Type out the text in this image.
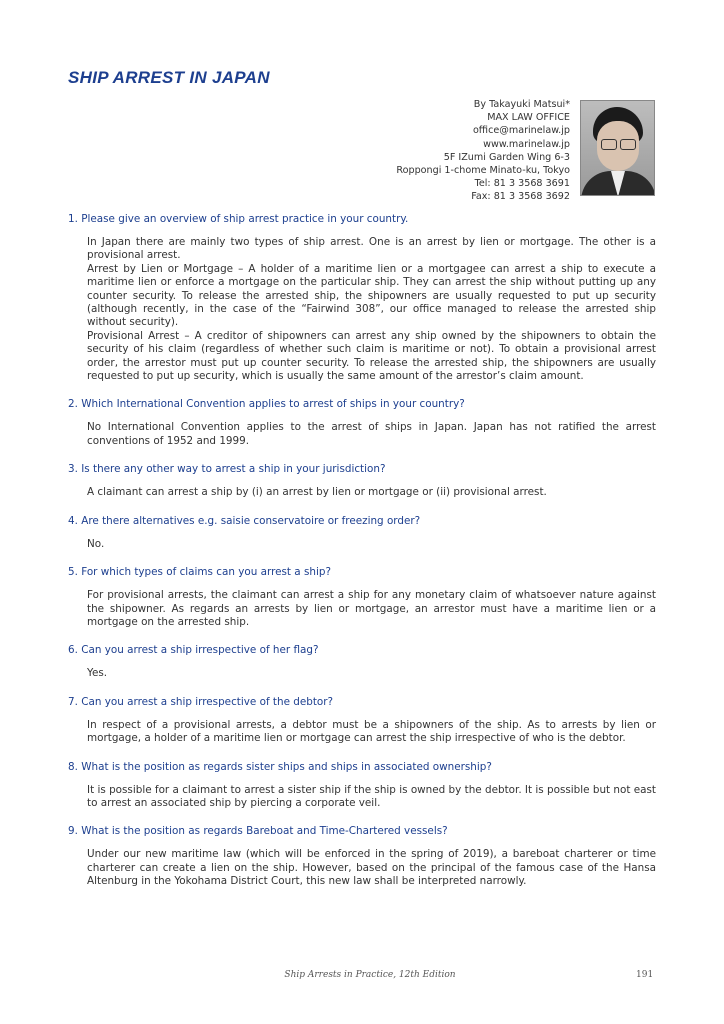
SHIP ARREST IN JAPAN
By Takayuki Matsui*
MAX LAW OFFICE
office@marinelaw.jp
www.marinelaw.jp
5F IZumi Garden Wing 6-3
Roppongi 1-chome Minato-ku, Tokyo
Tel: 81 3 3568 3691
Fax: 81 3 3568 3692
1. Please give an overview of ship arrest practice in your country.

In Japan there are mainly two types of ship arrest. One is an arrest by lien or mortgage. The other is a provisional arrest.

Arrest by Lien or Mortgage – A holder of a maritime lien or a mortgagee can arrest a ship to execute a maritime lien or enforce a mortgage on the particular ship. They can arrest the ship without putting up any counter security. To release the arrested ship, the shipowners are usually requested to put up security (although recently, in the case of the “Fairwind 308”, our office managed to release the arrested ship without security).

Provisional Arrest – A creditor of shipowners can arrest any ship owned by the shipowners to obtain the security of his claim (regardless of whether such claim is maritime or not). To obtain a provisional arrest order, the arrestor must put up counter security. To release the arrested ship, the shipowners are usually requested to put up security, which is usually the same amount of the arrestor’s claim amount.

2. Which International Convention applies to arrest of ships in your country?

No International Convention applies to the arrest of ships in Japan. Japan has not ratified the arrest conventions of 1952 and 1999.

3. Is there any other way to arrest a ship in your jurisdiction?

A claimant can arrest a ship by (i) an arrest by lien or mortgage or (ii) provisional arrest.

4. Are there alternatives e.g. saisie conservatoire or freezing order?

No.

5. For which types of claims can you arrest a ship?

For provisional arrests, the claimant can arrest a ship for any monetary claim of whatsoever nature against the shipowner. As regards an arrests by lien or mortgage, an arrestor must have a maritime lien or a mortgage on the arrested ship.

6. Can you arrest a ship irrespective of her flag?

Yes.

7. Can you arrest a ship irrespective of the debtor?

In respect of a provisional arrests, a debtor must be a shipowners of the ship. As to arrests by lien or mortgage, a holder of a maritime lien or mortgage can arrest the ship irrespective of who is the debtor.

8. What is the position as regards sister ships and ships in associated ownership?

It is possible for a claimant to arrest a sister ship if the ship is owned by the debtor. It is possible but not east to arrest an associated ship by piercing a corporate veil.

9. What is the position as regards Bareboat and Time-Chartered vessels?

Under our new maritime law (which will be enforced in the spring of 2019), a bareboat charterer or time charterer can create a lien on the ship. However, based on the principal of the famous case of the Hansa Altenburg in the Yokohama District Court, this new law shall be interpreted narrowly.

Ship Arrests in Practice, 12th Edition	191
